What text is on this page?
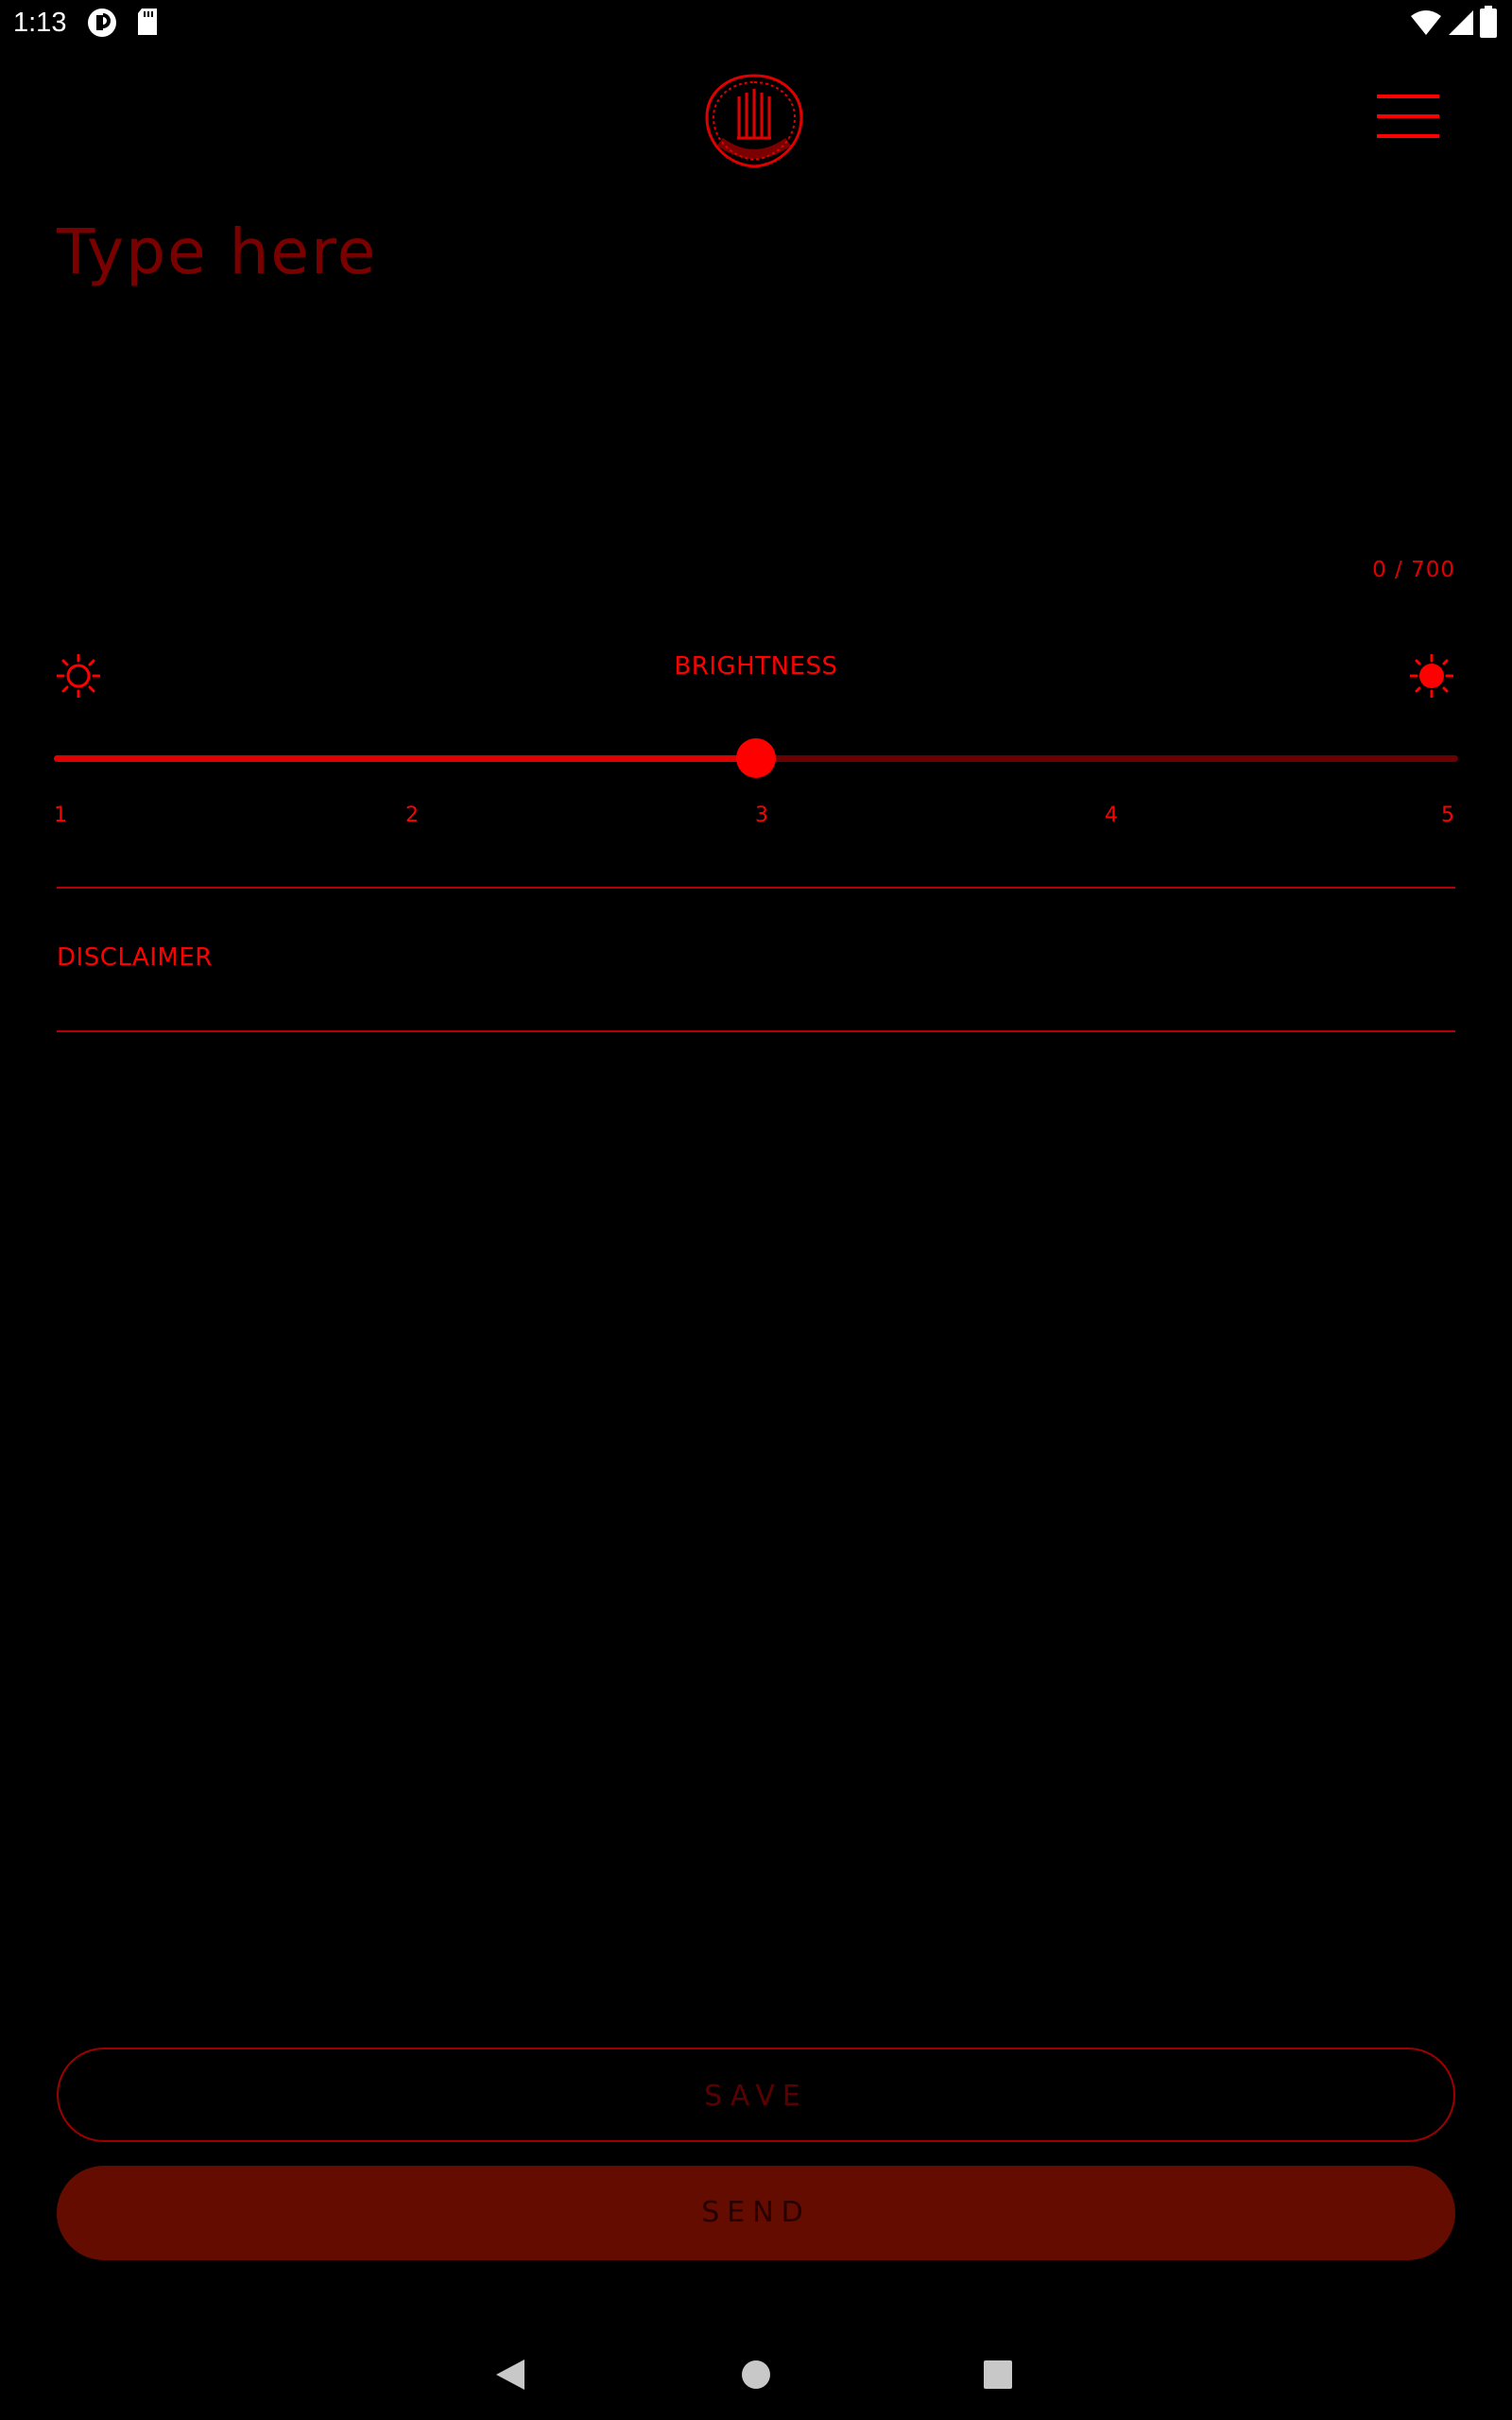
1:13
Type here
0 / 700
BRIGHTNESS
1	2	3	4	5
DISCLAIMER
SAVE
SEND
